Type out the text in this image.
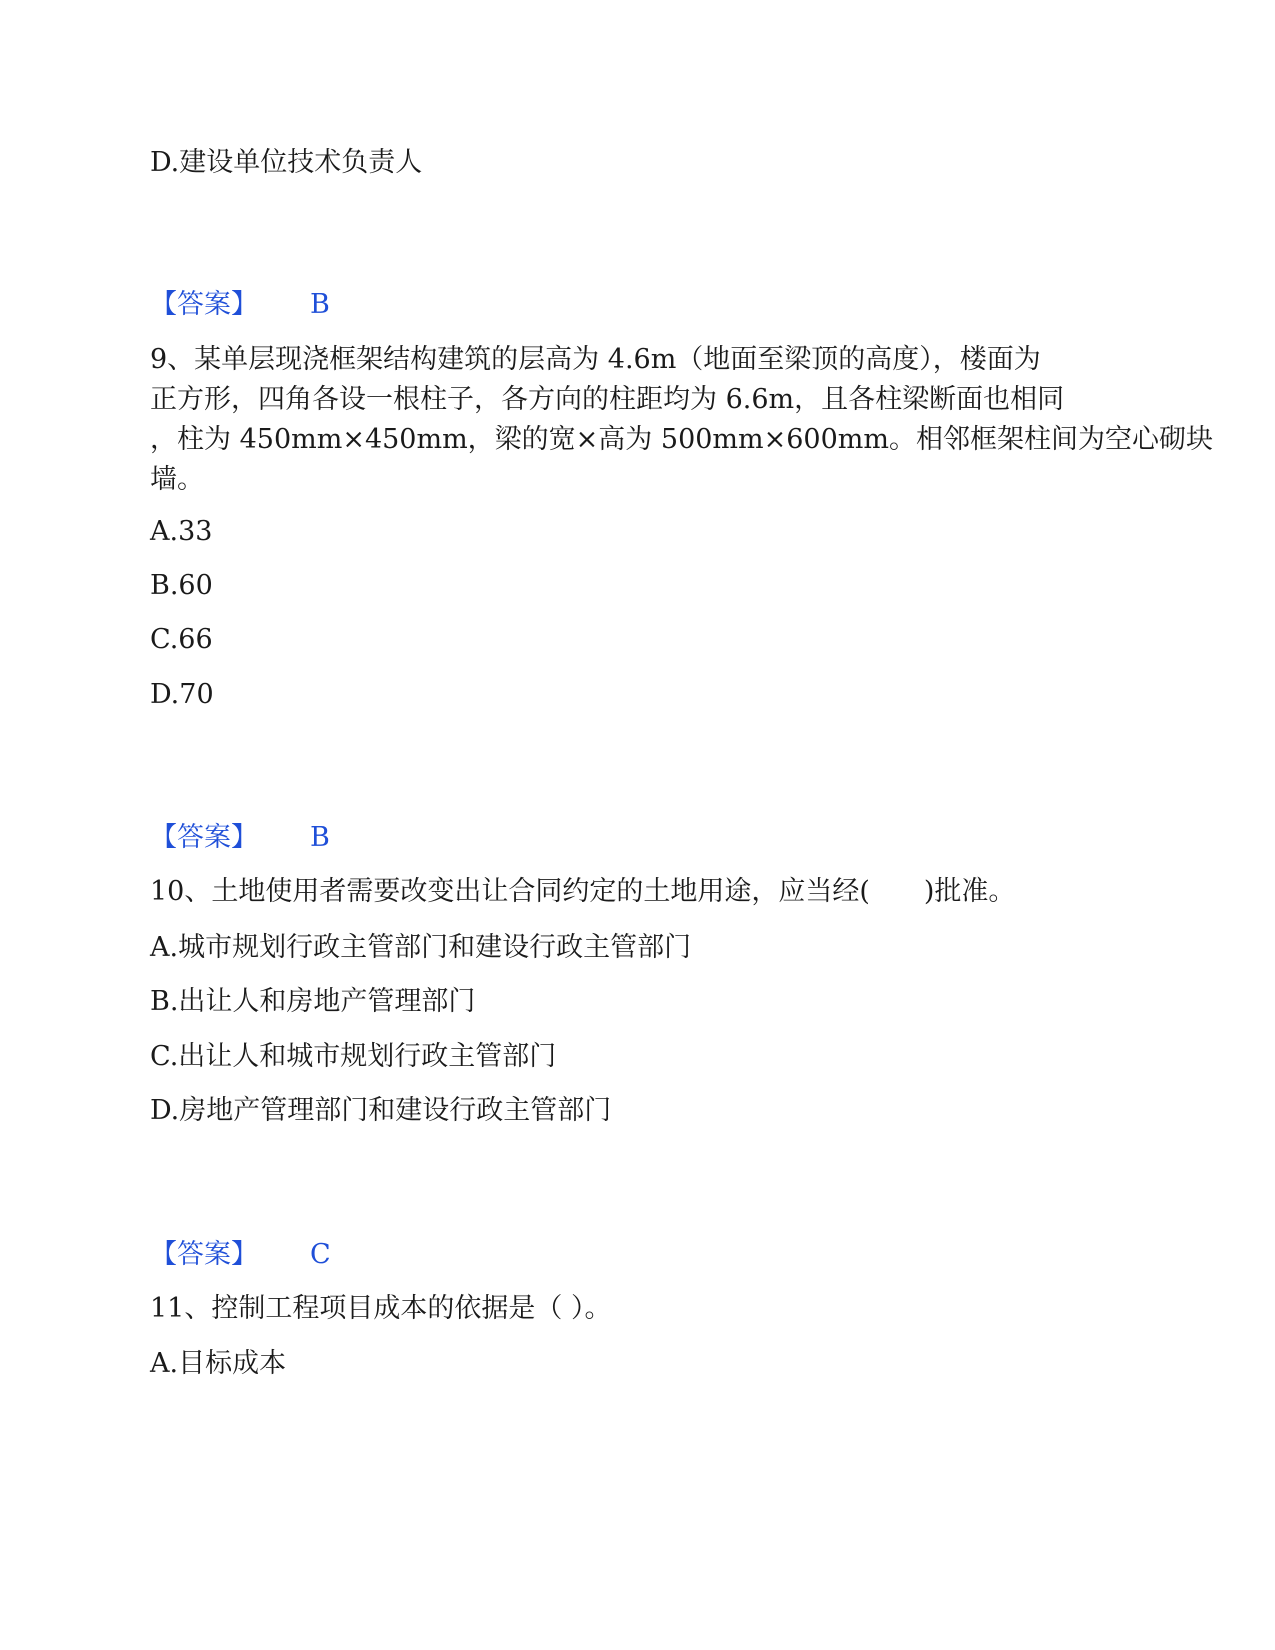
D.建设单位技术负责人
【答案】 B
9、某单层现浇框架结构建筑的层高为 4.6m（地面至梁顶的高度），楼面为
正方形，四角各设一根柱子，各方向的柱距均为 6.6m，且各柱梁断面也相同
，柱为 450mm×450mm，梁的宽×高为 500mm×600mm。相邻框架柱间为空心砌块
墙。
A.33
B.60
C.66
D.70
【答案】 B
10、土地使用者需要改变出让合同约定的土地用途，应当经(　　)批准。
A.城市规划行政主管部门和建设行政主管部门
B.出让人和房地产管理部门
C.出让人和城市规划行政主管部门
D.房地产管理部门和建设行政主管部门
【答案】 C
11、控制工程项目成本的依据是（ ）。
A.目标成本
